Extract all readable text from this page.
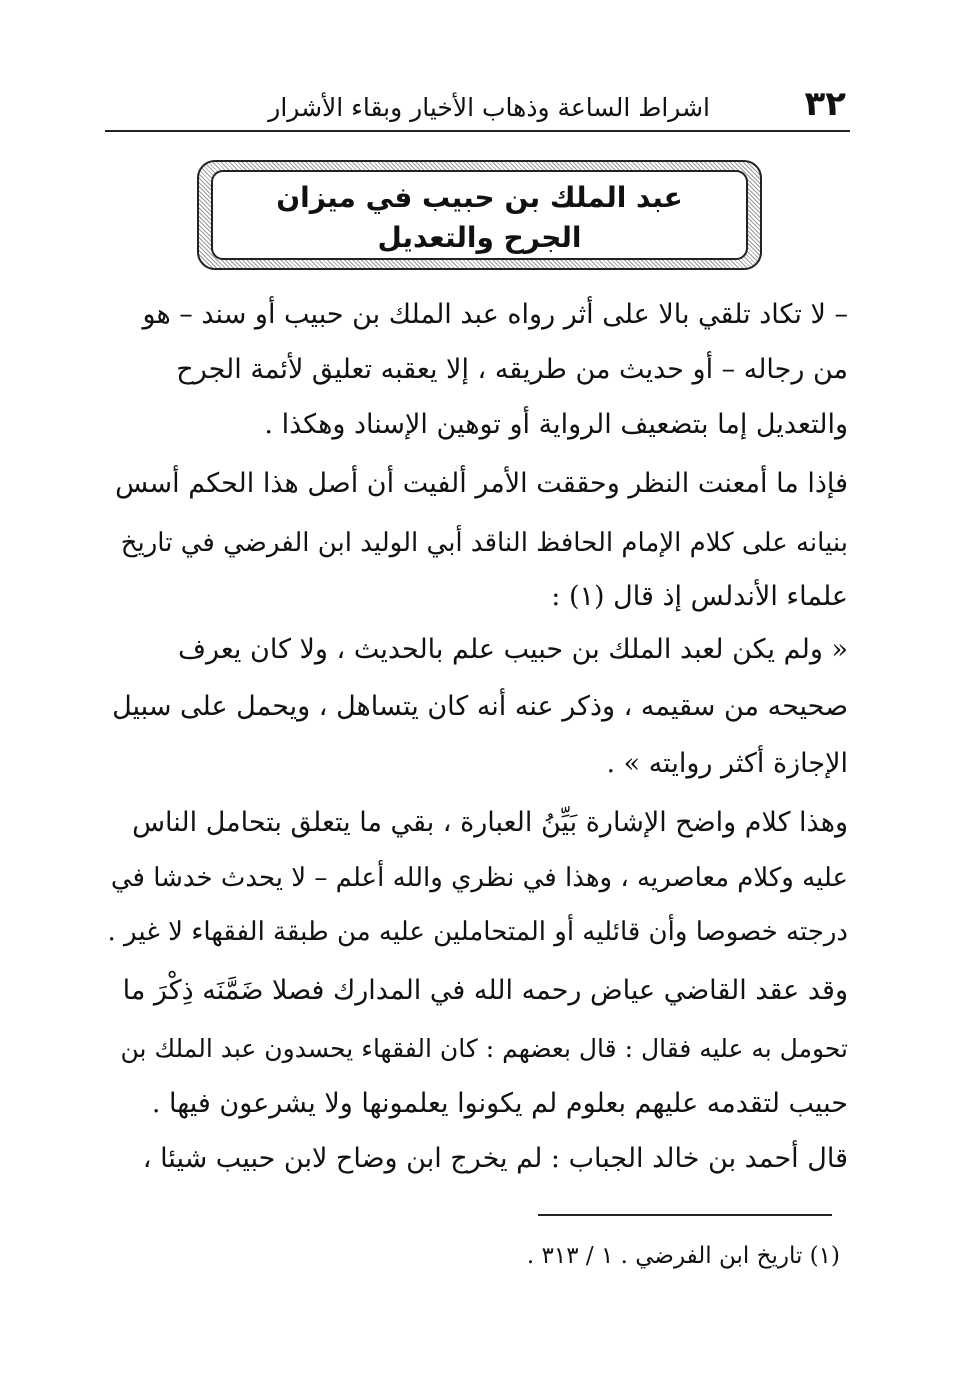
٣٢
اشراط الساعة وذهاب الأخيار وبقاء الأشرار
عبد الملك بن حبيب في ميزان
الجرح والتعديل
– لا تكاد تلقي بالا على أثر رواه عبد الملك بن حبيب أو سند – هو
من رجاله – أو حديث من طريقه ، إلا يعقبه تعليق لأئمة الجرح
والتعديل إما بتضعيف الرواية أو توهين الإسناد وهكذا .
فإذا ما أمعنت النظر وحققت الأمر ألفيت أن أصل هذا الحكم أسس
بنيانه على كلام الإمام الحافظ الناقد أبي الوليد ابن الفرضي في تاريخ
علماء الأندلس إذ قال (١) :
« ولم يكن لعبد الملك بن حبيب علم بالحديث ، ولا كان يعرف
صحيحه من سقيمه ، وذكر عنه أنه كان يتساهل ، ويحمل على سبيل
الإجازة أكثر روايته » .
وهذا كلام واضح الإشارة بَيِّنُ العبارة ، بقي ما يتعلق بتحامل الناس
عليه وكلام معاصريه ، وهذا في نظري والله أعلم – لا يحدث خدشا في
درجته خصوصا وأن قائليه أو المتحاملين عليه من طبقة الفقهاء لا غير .
وقد عقد القاضي عياض رحمه الله في المدارك فصلا ضَمَّنَه ذِكْرَ ما
تحومل به عليه فقال : قال بعضهم : كان الفقهاء يحسدون عبد الملك بن
حبيب لتقدمه عليهم بعلوم لم يكونوا يعلمونها ولا يشرعون فيها .
قال أحمد بن خالد الجباب : لم يخرج ابن وضاح لابن حبيب شيئا ،
(١) تاريخ ابن الفرضي . ١ / ٣١٣ .
